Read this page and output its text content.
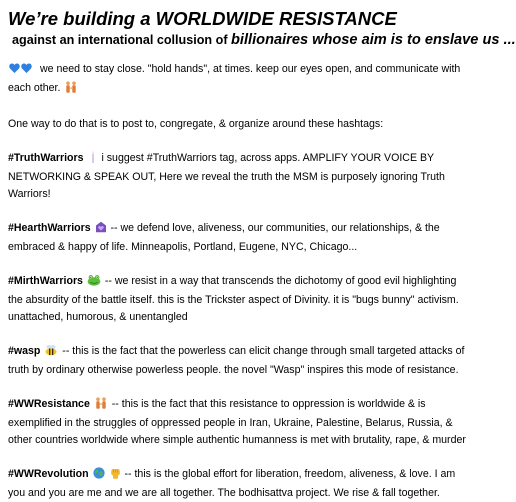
We’re building a WORLDWIDE RESISTANCE
against an international collusion of billionaires whose aim is to enslave us ...
we need to stay close. "hold hands", at times. keep our eyes open, and communicate with each other.
One way to do that is to post to, congregate, & organize around these hashtags:
#TruthWarriors i suggest #TruthWarriors tag, across apps. AMPLIFY YOUR VOICE BY NETWORKING & SPEAK OUT, Here we reveal the truth the MSM is purposely ignoring Truth Warriors!
#HearthWarriors -- we defend love, aliveness, our communities, our relationships, & the embraced & happy of life. Minneapolis, Portland, Eugene, NYC, Chicago...
#MirthWarriors -- we resist in a way that transcends the dichotomy of good evil highlighting the absurdity of the battle itself. this is the Trickster aspect of Divinity. it is "bugs bunny" activism. unattached, humorous, & unentangled
#wasp -- this is the fact that the powerless can elicit change through small targeted attacks of truth by ordinary otherwise powerless people. the novel "Wasp" inspires this mode of resistance.
#WWResistance -- this is the fact that this resistance to oppression is worldwide & is exemplified in the struggles of oppressed people in Iran, Ukraine, Palestine, Belarus, Russia, & other countries worldwide where simple authentic humanness is met with brutality, rape, & murder
#WWRevolution	-- this is the global effort for liberation, freedom, aliveness, & love. I am you and you are me and we are all together. The bodhisattva project. We rise & fall together.
